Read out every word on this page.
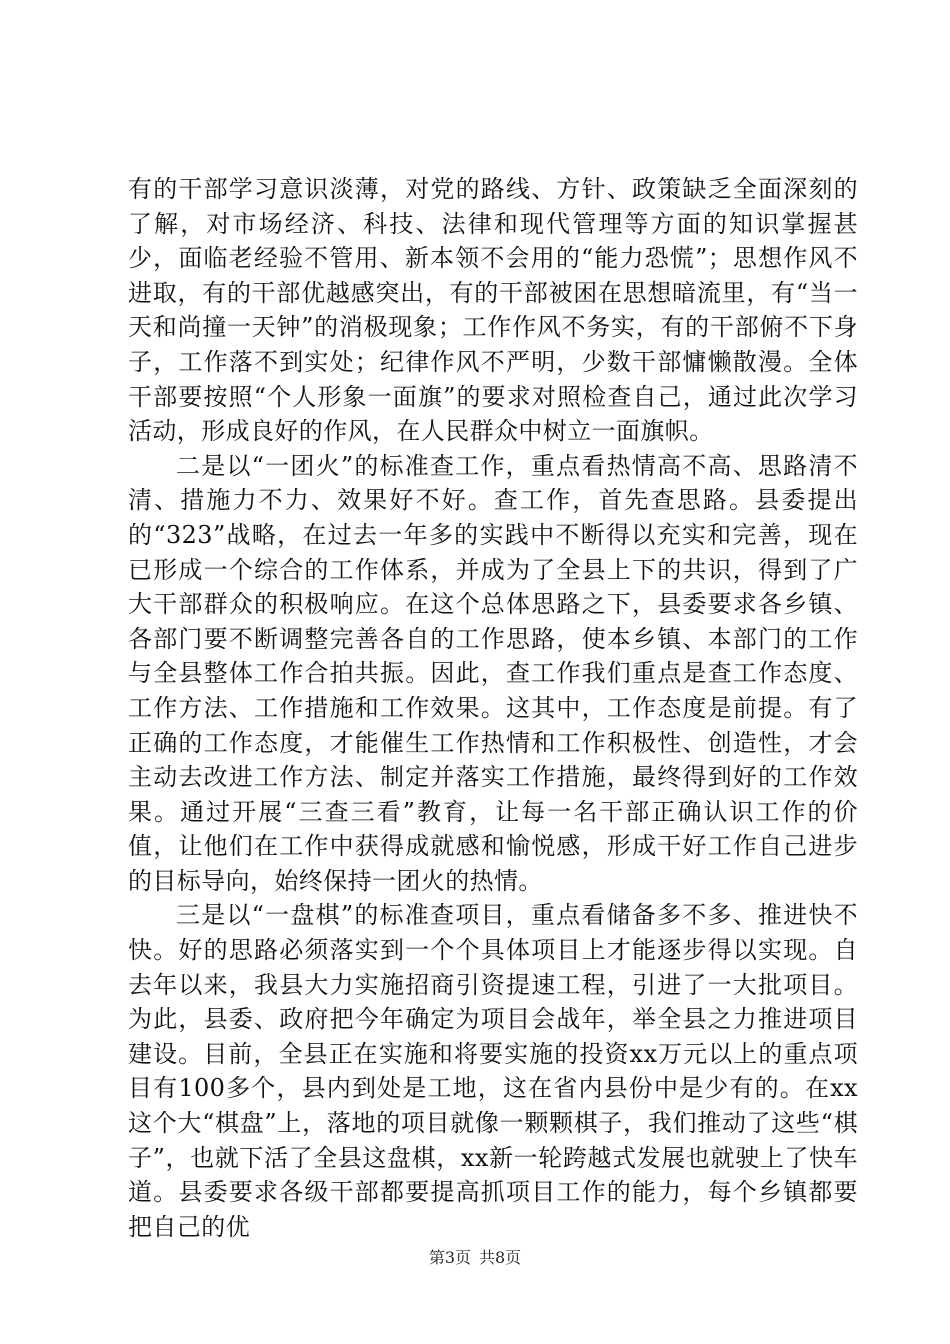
有的干部学习意识淡薄，对党的路线、方针、政策缺乏全面深刻的了解，对市场经济、科技、法律和现代管理等方面的知识掌握甚少，面临老经验不管用、新本领不会用的“能力恐慌”；思想作风不进取，有的干部优越感突出，有的干部被困在思想暗流里，有“当一天和尚撞一天钟”的消极现象；工作作风不务实，有的干部俯不下身子，工作落不到实处；纪律作风不严明，少数干部慵懒散漫。全体干部要按照“个人形象一面旗”的要求对照检查自己，通过此次学习活动，形成良好的作风，在人民群众中树立一面旗帜。

二是以“一团火”的标准查工作，重点看热情高不高、思路清不清、措施力不力、效果好不好。查工作，首先查思路。县委提出的“323”战略，在过去一年多的实践中不断得以充实和完善，现在已形成一个综合的工作体系，并成为了全县上下的共识，得到了广大干部群众的积极响应。在这个总体思路之下，县委要求各乡镇、各部门要不断调整完善各自的工作思路，使本乡镇、本部门的工作与全县整体工作合拍共振。因此，查工作我们重点是查工作态度、工作方法、工作措施和工作效果。这其中，工作态度是前提。有了正确的工作态度，才能催生工作热情和工作积极性、创造性，才会主动去改进工作方法、制定并落实工作措施，最终得到好的工作效果。通过开展“三查三看”教育，让每一名干部正确认识工作的价值，让他们在工作中获得成就感和愉悦感，形成干好工作自己进步的目标导向，始终保持一团火的热情。

三是以“一盘棋”的标准查项目，重点看储备多不多、推进快不快。好的思路必须落实到一个个具体项目上才能逐步得以实现。自去年以来，我县大力实施招商引资提速工程，引进了一大批项目。为此，县委、政府把今年确定为项目会战年，举全县之力推进项目建设。目前，全县正在实施和将要实施的投资xx万元以上的重点项目有100多个，县内到处是工地，这在省内县份中是少有的。在xx这个大“棋盘”上，落地的项目就像一颗颗棋子，我们推动了这些“棋子”，也就下活了全县这盘棋，xx新一轮跨越式发展也就驶上了快车道。县委要求各级干部都要提高抓项目工作的能力，每个乡镇都要把自己的优

第3页 共8页
